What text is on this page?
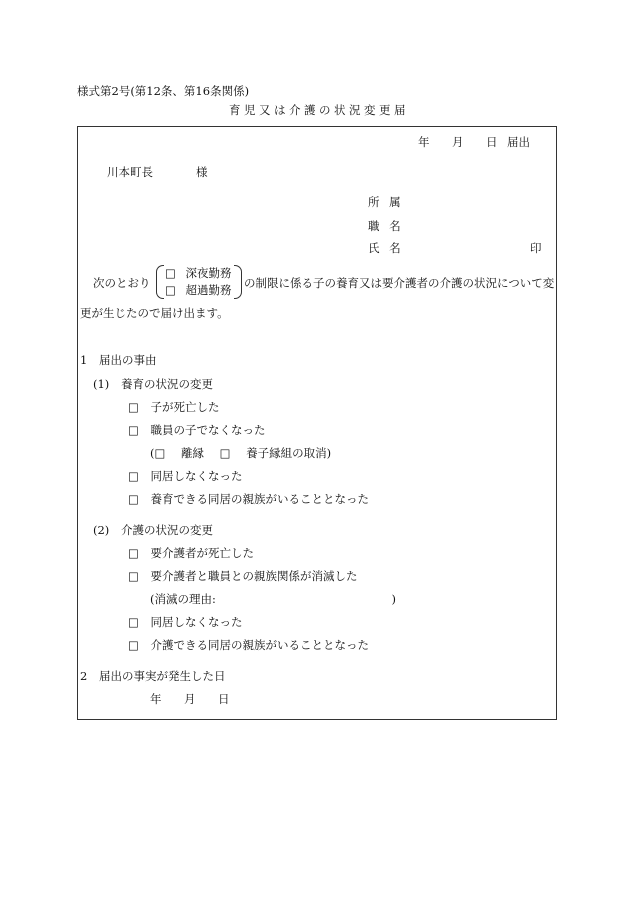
様式第2号(第12条、第16条関係)
育児又は介護の状況変更届
年 月 日 届出
川本町長	様
所 属
職 名
氏 名	印
次のとおり
□ 深夜勤務
□ 超過勤務 の制限に係る子の養育又は要介護者の介護の状況について変
更が生じたので届け出ます。
1 届出の事由
(1) 養育の状況の変更
□ 子が死亡した
□ 職員の子でなくなった
(□ 離縁 □ 養子縁組の取消)
□ 同居しなくなった
□ 養育できる同居の親族がいることとなった
(2) 介護の状況の変更
□ 要介護者が死亡した
□ 要介護者と職員との親族関係が消滅した
(消滅の理由: )
□ 同居しなくなった
□ 介護できる同居の親族がいることとなった
2 届出の事実が発生した日
年 月 日
